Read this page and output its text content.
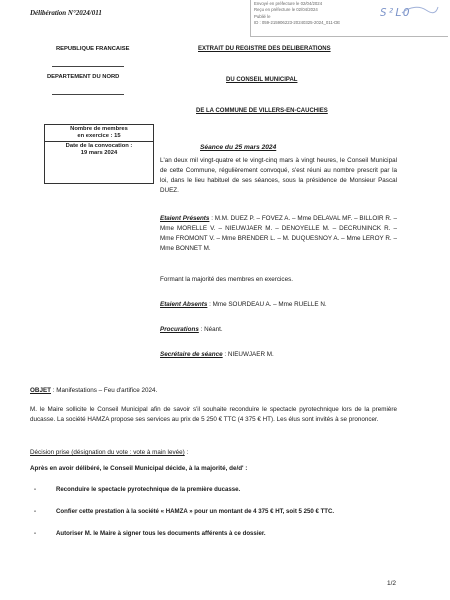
Délibération N°2024/011
Envoyé en préfecture le 02/04/2024
Reçu en préfecture le 02/04/2024
Publié le
ID : 059-215906223-20240325-2024_011-DE
S²LO
REPUBLIQUE FRANCAISE
DEPARTEMENT DU NORD
EXTRAIT DU REGISTRE DES DELIBERATIONS
DU CONSEIL MUNICIPAL
DE LA COMMUNE DE VILLERS-EN-CAUCHIES
Nombre de membres
en exercice : 15
Date de la convocation :
19 mars 2024
Séance du 25 mars 2024
L'an deux mil vingt-quatre et le vingt-cinq mars à vingt heures, le Conseil Municipal de cette Commune, régulièrement convoqué, s'est réuni au nombre prescrit par la loi, dans le lieu habituel de ses séances, sous la présidence de Monsieur Pascal DUEZ.
Etaient Présents : M.M. DUEZ P. – FOVEZ A. – Mme DELAVAL MF. – BILLOIR R. – Mme MORELLE V. – NIEUWJAER M. – DENOYELLE M. – DECRUNINCK R. – Mme FROMONT V. – Mme BRENDER L. – M. DUQUESNOY A. – Mme LEROY R. – Mme BONNET M.
Formant la majorité des membres en exercices.
Etaient Absents : Mme SOURDEAU A. – Mme RUELLE N.
Procurations : Néant.
Secrétaire de séance : NIEUWJAER M.
OBJET : Manifestations – Feu d'artifice 2024.
M. le Maire sollicite le Conseil Municipal afin de savoir s'il souhaite reconduire le spectacle pyrotechnique lors de la première ducasse. La société HAMZA propose ses services au prix de 5 250 € TTC (4 375 € HT). Les élus sont invités à se prononcer.
Décision prise (désignation du vote : vote à main levée) :
Après en avoir délibéré, le Conseil Municipal décide, à la majorité, de/d' :
-	Reconduire le spectacle pyrotechnique de la première ducasse.
-	Confier cette prestation à la société « HAMZA » pour un montant de 4 375 € HT, soit 5 250 € TTC.
-	Autoriser M. le Maire à signer tous les documents afférents à ce dossier.
1/2
